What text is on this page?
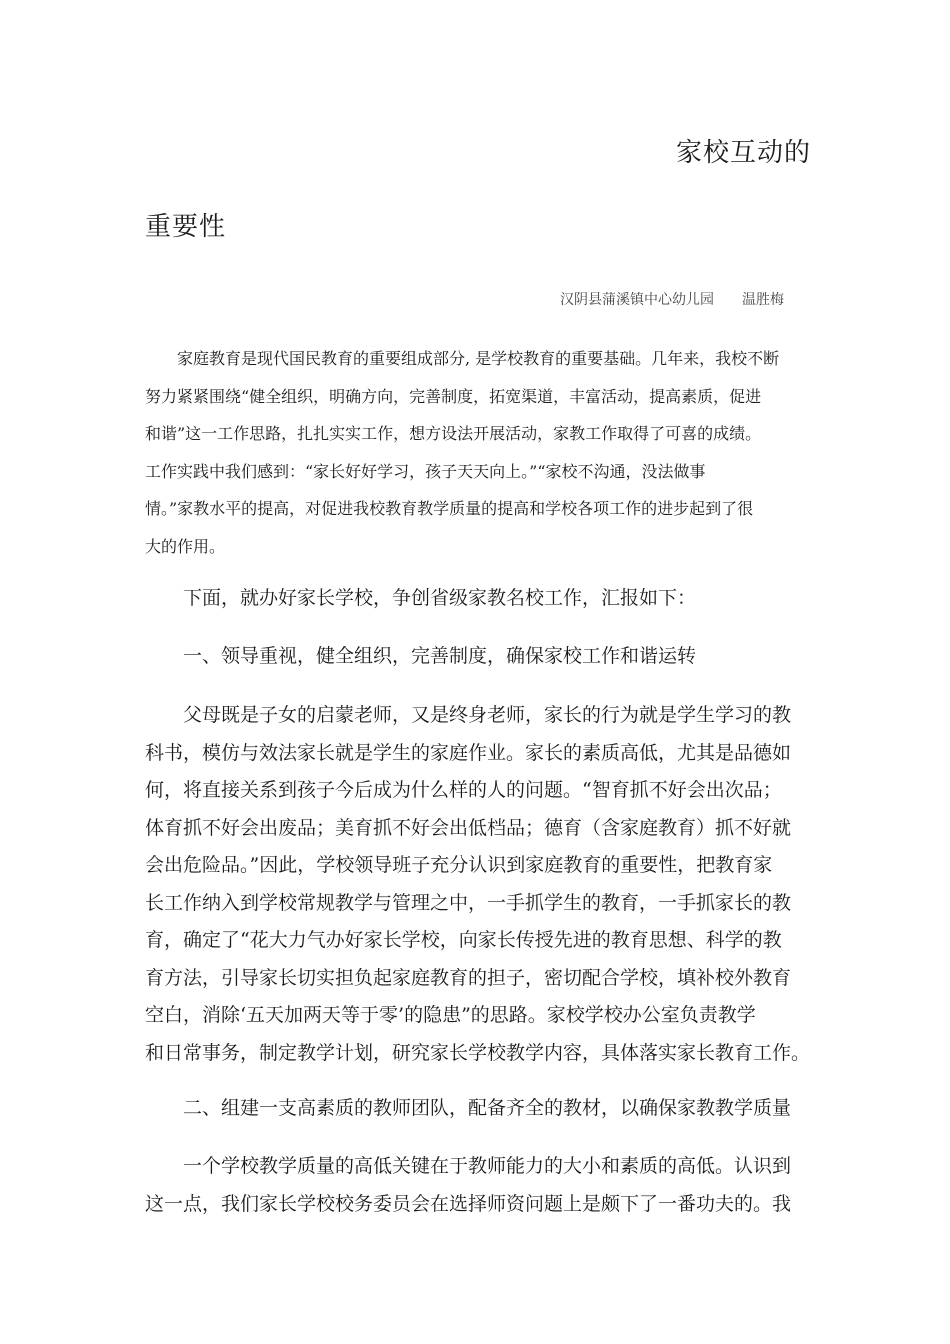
家校互动的
重要性
汉阴县蒲溪镇中心幼儿园 温胜梅
　　家庭教育是现代国民教育的重要组成部分, 是学校教育的重要基础。几年来，我校不断
努力紧紧围绕“健全组织，明确方向，完善制度，拓宽渠道，丰富活动，提高素质，促进
和谐”这一工作思路，扎扎实实工作，想方设法开展活动，家教工作取得了可喜的成绩。
工作实践中我们感到：“家长好好学习，孩子天天向上。”“家校不沟通，没法做事
情。”家教水平的提高，对促进我校教育教学质量的提高和学校各项工作的进步起到了很
大的作用。
　　下面，就办好家长学校，争创省级家教名校工作，汇报如下：
　　一、领导重视，健全组织，完善制度，确保家校工作和谐运转
　　父母既是子女的启蒙老师，又是终身老师，家长的行为就是学生学习的教
科书，模仿与效法家长就是学生的家庭作业。家长的素质高低，尤其是品德如
何，将直接关系到孩子今后成为什么样的人的问题。“智育抓不好会出次品；
体育抓不好会出废品；美育抓不好会出低档品；德育（含家庭教育）抓不好就
会出危险品。”因此，学校领导班子充分认识到家庭教育的重要性，把教育家
长工作纳入到学校常规教学与管理之中，一手抓学生的教育，一手抓家长的教
育，确定了“花大力气办好家长学校，向家长传授先进的教育思想、科学的教
育方法，引导家长切实担负起家庭教育的担子，密切配合学校，填补校外教育
空白，消除‘五天加两天等于零’的隐患”的思路。家校学校办公室负责教学
和日常事务，制定教学计划，研究家长学校教学内容，具体落实家长教育工作。
　　二、组建一支高素质的教师团队，配备齐全的教材，以确保家教教学质量
　　一个学校教学质量的高低关键在于教师能力的大小和素质的高低。认识到
这一点，我们家长学校校务委员会在选择师资问题上是颇下了一番功夫的。我
